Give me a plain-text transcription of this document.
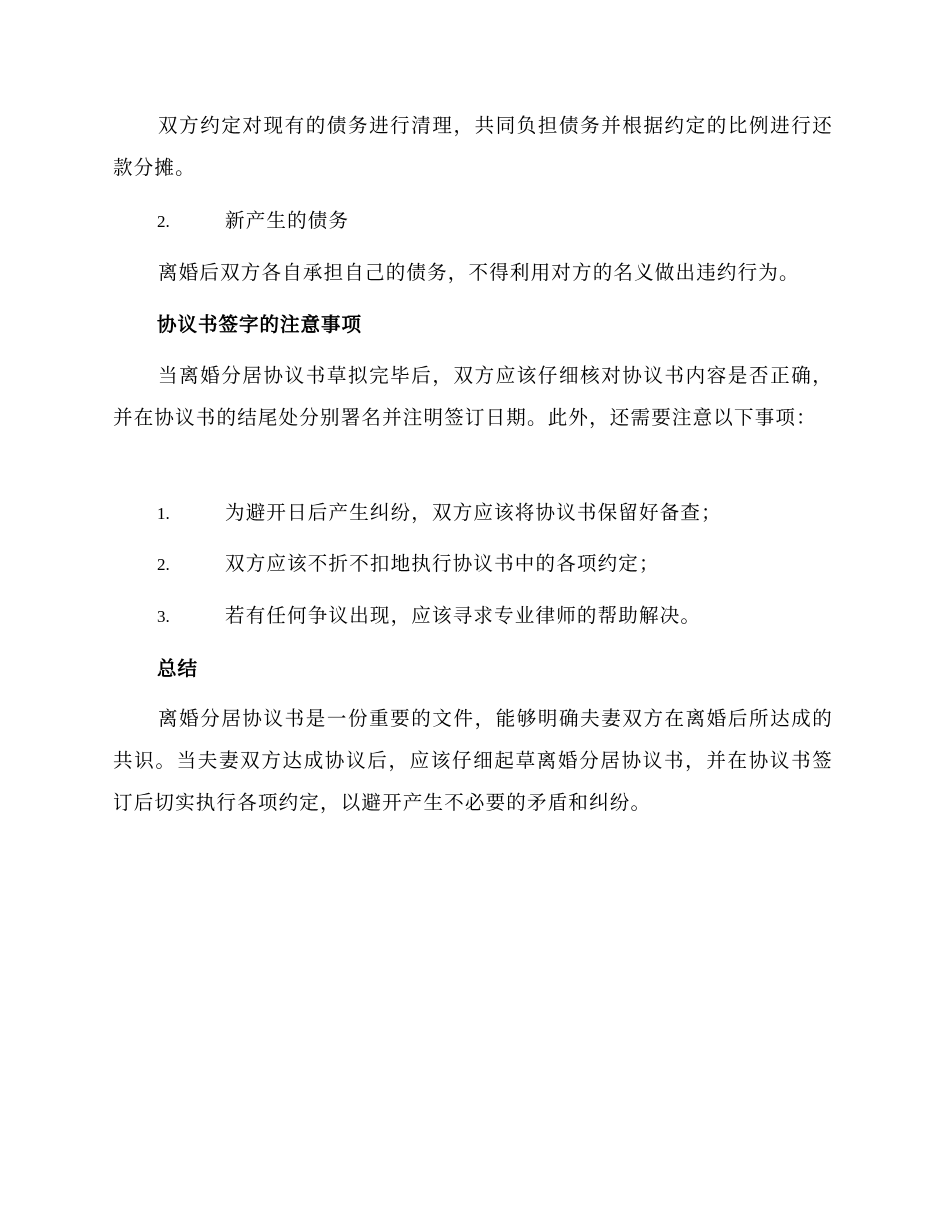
双方约定对现有的债务进行清理，共同负担债务并根据约定的比例进行还款分摊。

2.	新产生的债务

离婚后双方各自承担自己的债务，不得利用对方的名义做出违约行为。

协议书签字的注意事项

当离婚分居协议书草拟完毕后，双方应该仔细核对协议书内容是否正确，并在协议书的结尾处分别署名并注明签订日期。此外，还需要注意以下事项：

1.	为避开日后产生纠纷，双方应该将协议书保留好备查；

2.	双方应该不折不扣地执行协议书中的各项约定；

3.	若有任何争议出现，应该寻求专业律师的帮助解决。

总结

离婚分居协议书是一份重要的文件，能够明确夫妻双方在离婚后所达成的共识。当夫妻双方达成协议后，应该仔细起草离婚分居协议书，并在协议书签订后切实执行各项约定，以避开产生不必要的矛盾和纠纷。
